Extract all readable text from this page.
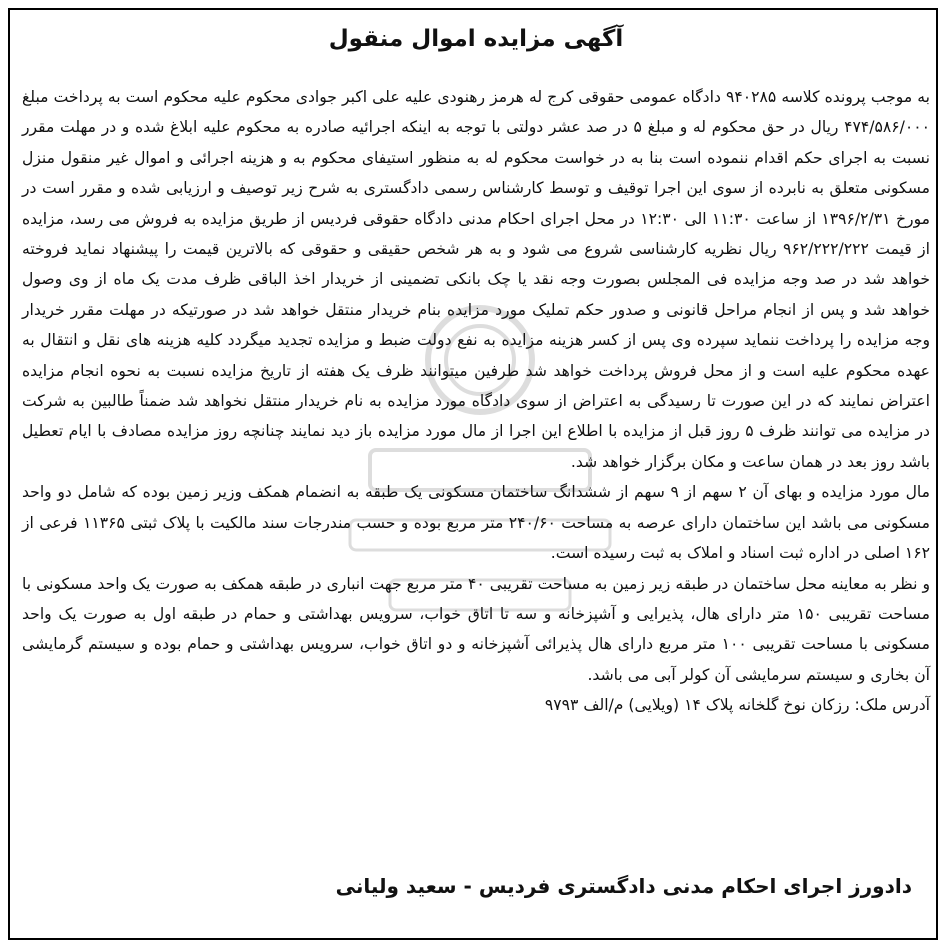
آگهی مزایده اموال منقول

به موجب پرونده کلاسه ۹۴۰۲۸۵ دادگاه عمومی حقوقی کرج له هرمز رهنودی علیه علی اکبر جوادی محکوم علیه محکوم است به پرداخت مبلغ ۴۷۴/۵۸۶/۰۰۰ ریال در حق محکوم له و مبلغ ۵ در صد عشر دولتی با توجه به اینکه اجرائیه صادره به محکوم علیه ابلاغ شده و در مهلت مقرر نسبت به اجرای حکم اقدام ننموده است بنا به در خواست محکوم له به منظور استیفای محکوم به و هزینه اجرائی و اموال غیر منقول منزل مسکونی متعلق به نابرده از سوی این اجرا توقیف و توسط کارشناس رسمی دادگستری به شرح زیر توصیف و ارزیابی شده و مقرر است در مورخ ۱۳۹۶/۲/۳۱ از ساعت ۱۱:۳۰ الی ۱۲:۳۰ در محل اجرای احکام مدنی دادگاه حقوقی فردیس از طریق مزایده به فروش می رسد، مزایده از قیمت ۹۶۲/۲۲۲/۲۲۲ ریال نظریه کارشناسی شروع می شود و به هر شخص حقیقی و حقوقی که بالاترین قیمت را پیشنهاد نماید فروخته خواهد شد در صد وجه مزایده فی المجلس بصورت وجه نقد یا چک بانکی تضمینی از خریدار اخذ الباقی ظرف مدت یک ماه از وی وصول خواهد شد و پس از انجام مراحل قانونی و صدور حکم تملیک مورد مزایده بنام خریدار منتقل خواهد شد در صورتیکه در مهلت مقرر خریدار وجه مزایده را پرداخت ننماید سپرده وی پس از کسر هزینه مزایده به نفع دولت ضبط و مزایده تجدید میگردد کلیه هزینه های نقل و انتقال به عهده محکوم علیه است و از محل فروش پرداخت خواهد شد طرفین میتوانند ظرف یک هفته از تاریخ مزایده نسبت به نحوه انجام مزایده اعتراض نمایند که در این صورت تا رسیدگی به اعتراض از سوی دادگاه مورد مزایده به نام خریدار منتقل نخواهد شد ضمناً طالبین به شرکت در مزایده می توانند ظرف ۵ روز قبل از مزایده با اطلاع این اجرا از مال مورد مزایده باز دید نمایند چنانچه روز مزایده مصادف با ایام تعطیل باشد روز بعد در همان ساعت و مکان برگزار خواهد شد.

مال مورد مزایده و بهای آن ۲ سهم از ۹ سهم از ششدانگ ساختمان مسکونی یک طبقه به انضمام همکف وزیر زمین بوده که شامل دو واحد مسکونی می باشد این ساختمان دارای عرصه به مساحت ۲۴۰/۶۰ متر مربع بوده و حسب مندرجات سند مالکیت با پلاک ثبتی ۱۱۳۶۵ فرعی از ۱۶۲ اصلی در اداره ثبت اسناد و املاک به ثبت رسیده است.

و نظر به معاینه محل ساختمان در طبقه زیر زمین به مساحت تقریبی ۴۰ متر مربع جهت انباری در طبقه همکف به صورت یک واحد مسکونی با مساحت تقریبی ۱۵۰ متر دارای هال، پذیرایی و آشپزخانه و سه تا اتاق خواب، سرویس بهداشتی و حمام در طبقه اول به صورت یک واحد مسکونی با مساحت تقریبی ۱۰۰ متر مربع دارای هال پذیرائی آشپزخانه و دو اتاق خواب، سرویس بهداشتی و حمام بوده و سیستم گرمایشی آن بخاری و سیستم سرمایشی آن کولر آبی می باشد.

آدرس ملک: رزکان نوخ گلخانه پلاک ۱۴ (ویلایی) م/الف ۹۷۹۳

دادورز اجرای احکام مدنی دادگستری فردیس - سعید ولیانی
